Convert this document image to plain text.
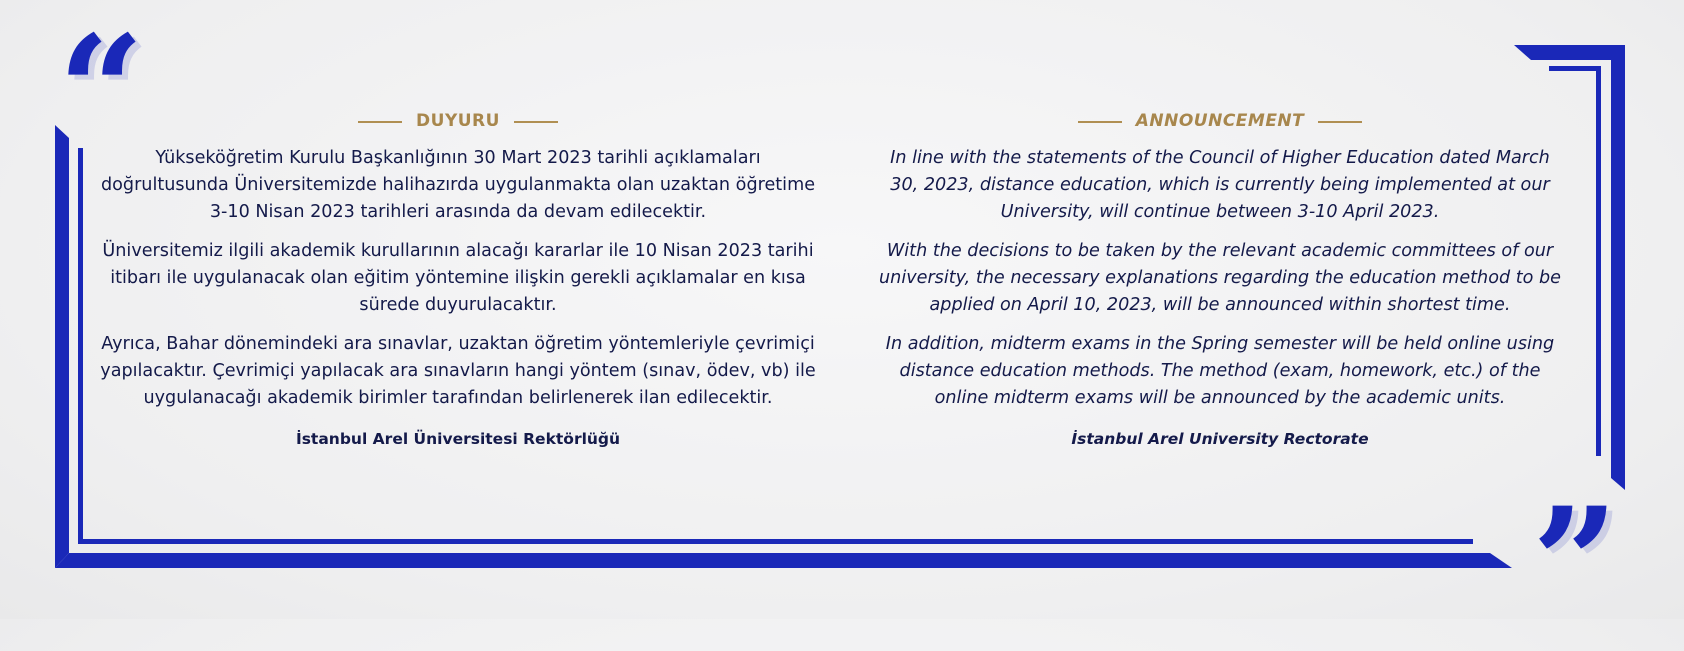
“
”
DUYURU

Yükseköğretim Kurulu Başkanlığının 30 Mart 2023 tarihli açıklamaları doğrultusunda Üniversitemizde halihazırda uygulanmakta olan uzaktan öğretime 3-10 Nisan 2023 tarihleri arasında da devam edilecektir.

Üniversitemiz ilgili akademik kurullarının alacağı kararlar ile 10 Nisan 2023 tarihi itibarı ile uygulanacak olan eğitim yöntemine ilişkin gerekli açıklamalar en kısa sürede duyurulacaktır.

Ayrıca, Bahar dönemindeki ara sınavlar, uzaktan öğretim yöntemleriyle çevrimiçi yapılacaktır. Çevrimiçi yapılacak ara sınavların hangi yöntem (sınav, ödev, vb) ile uygulanacağı akademik birimler tarafından belirlenerek ilan edilecektir.

İstanbul Arel Üniversitesi Rektörlüğü
ANNOUNCEMENT

In line with the statements of the Council of Higher Education dated March 30, 2023, distance education, which is currently being implemented at our University, will continue between 3-10 April 2023.

With the decisions to be taken by the relevant academic committees of our university, the necessary explanations regarding the education method to be applied on April 10, 2023, will be announced within shortest time.

In addition, midterm exams in the Spring semester will be held online using distance education methods. The method (exam, homework, etc.) of the online midterm exams will be announced by the academic units.

İstanbul Arel University Rectorate
